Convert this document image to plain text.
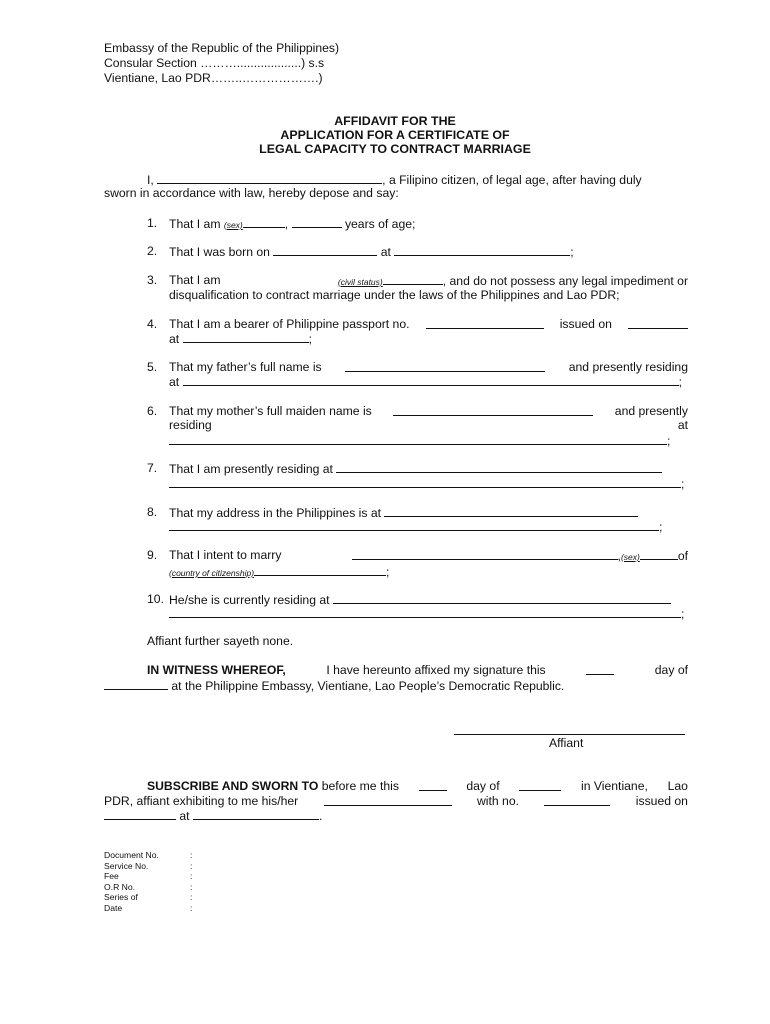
Embassy of the Republic of the Philippines)
Consular Section ………...................) s.s
Vientiane, Lao PDR……..……………….)
AFFIDAVIT FOR THE
APPLICATION FOR A CERTIFICATE OF
LEGAL CAPACITY TO CONTRACT MARRIAGE
I,	, a Filipino citizen, of legal age, after having duly
sworn in accordance with law, hereby depose and say:
1. That I am (sex)	,	years of age;
2. That I was born on	at	;
3. That I am	(civil status)	, and do not possess any legal impediment or
disqualification to contract marriage under the laws of the Philippines and Lao PDR;
4. That I am a bearer of Philippine passport no.	issued on
at	;
5. That my father’s full name is	and presently residing
at	;
6. That my mother’s full maiden name is	and presently
residing	at
;
7. That I am presently residing at
;
8. That my address in the Philippines is at
;
9. That I intent to marry	,(sex)	of
(country of citizenship)	;
10. He/she is currently residing at
;
Affiant further sayeth none.
IN WITNESS WHEREOF,	I have hereunto affixed my signature this	day of
at the Philippine Embassy, Vientiane, Lao People’s Democratic Republic.
Affiant
SUBSCRIBE AND SWORN TO before me this	day of	in Vientiane, Lao
PDR, affiant exhibiting to me his/her	with no.	issued on
at	.
Document No.	:
Service No.	:
Fee	:
O.R No.	:
Series of	:
Date	:
